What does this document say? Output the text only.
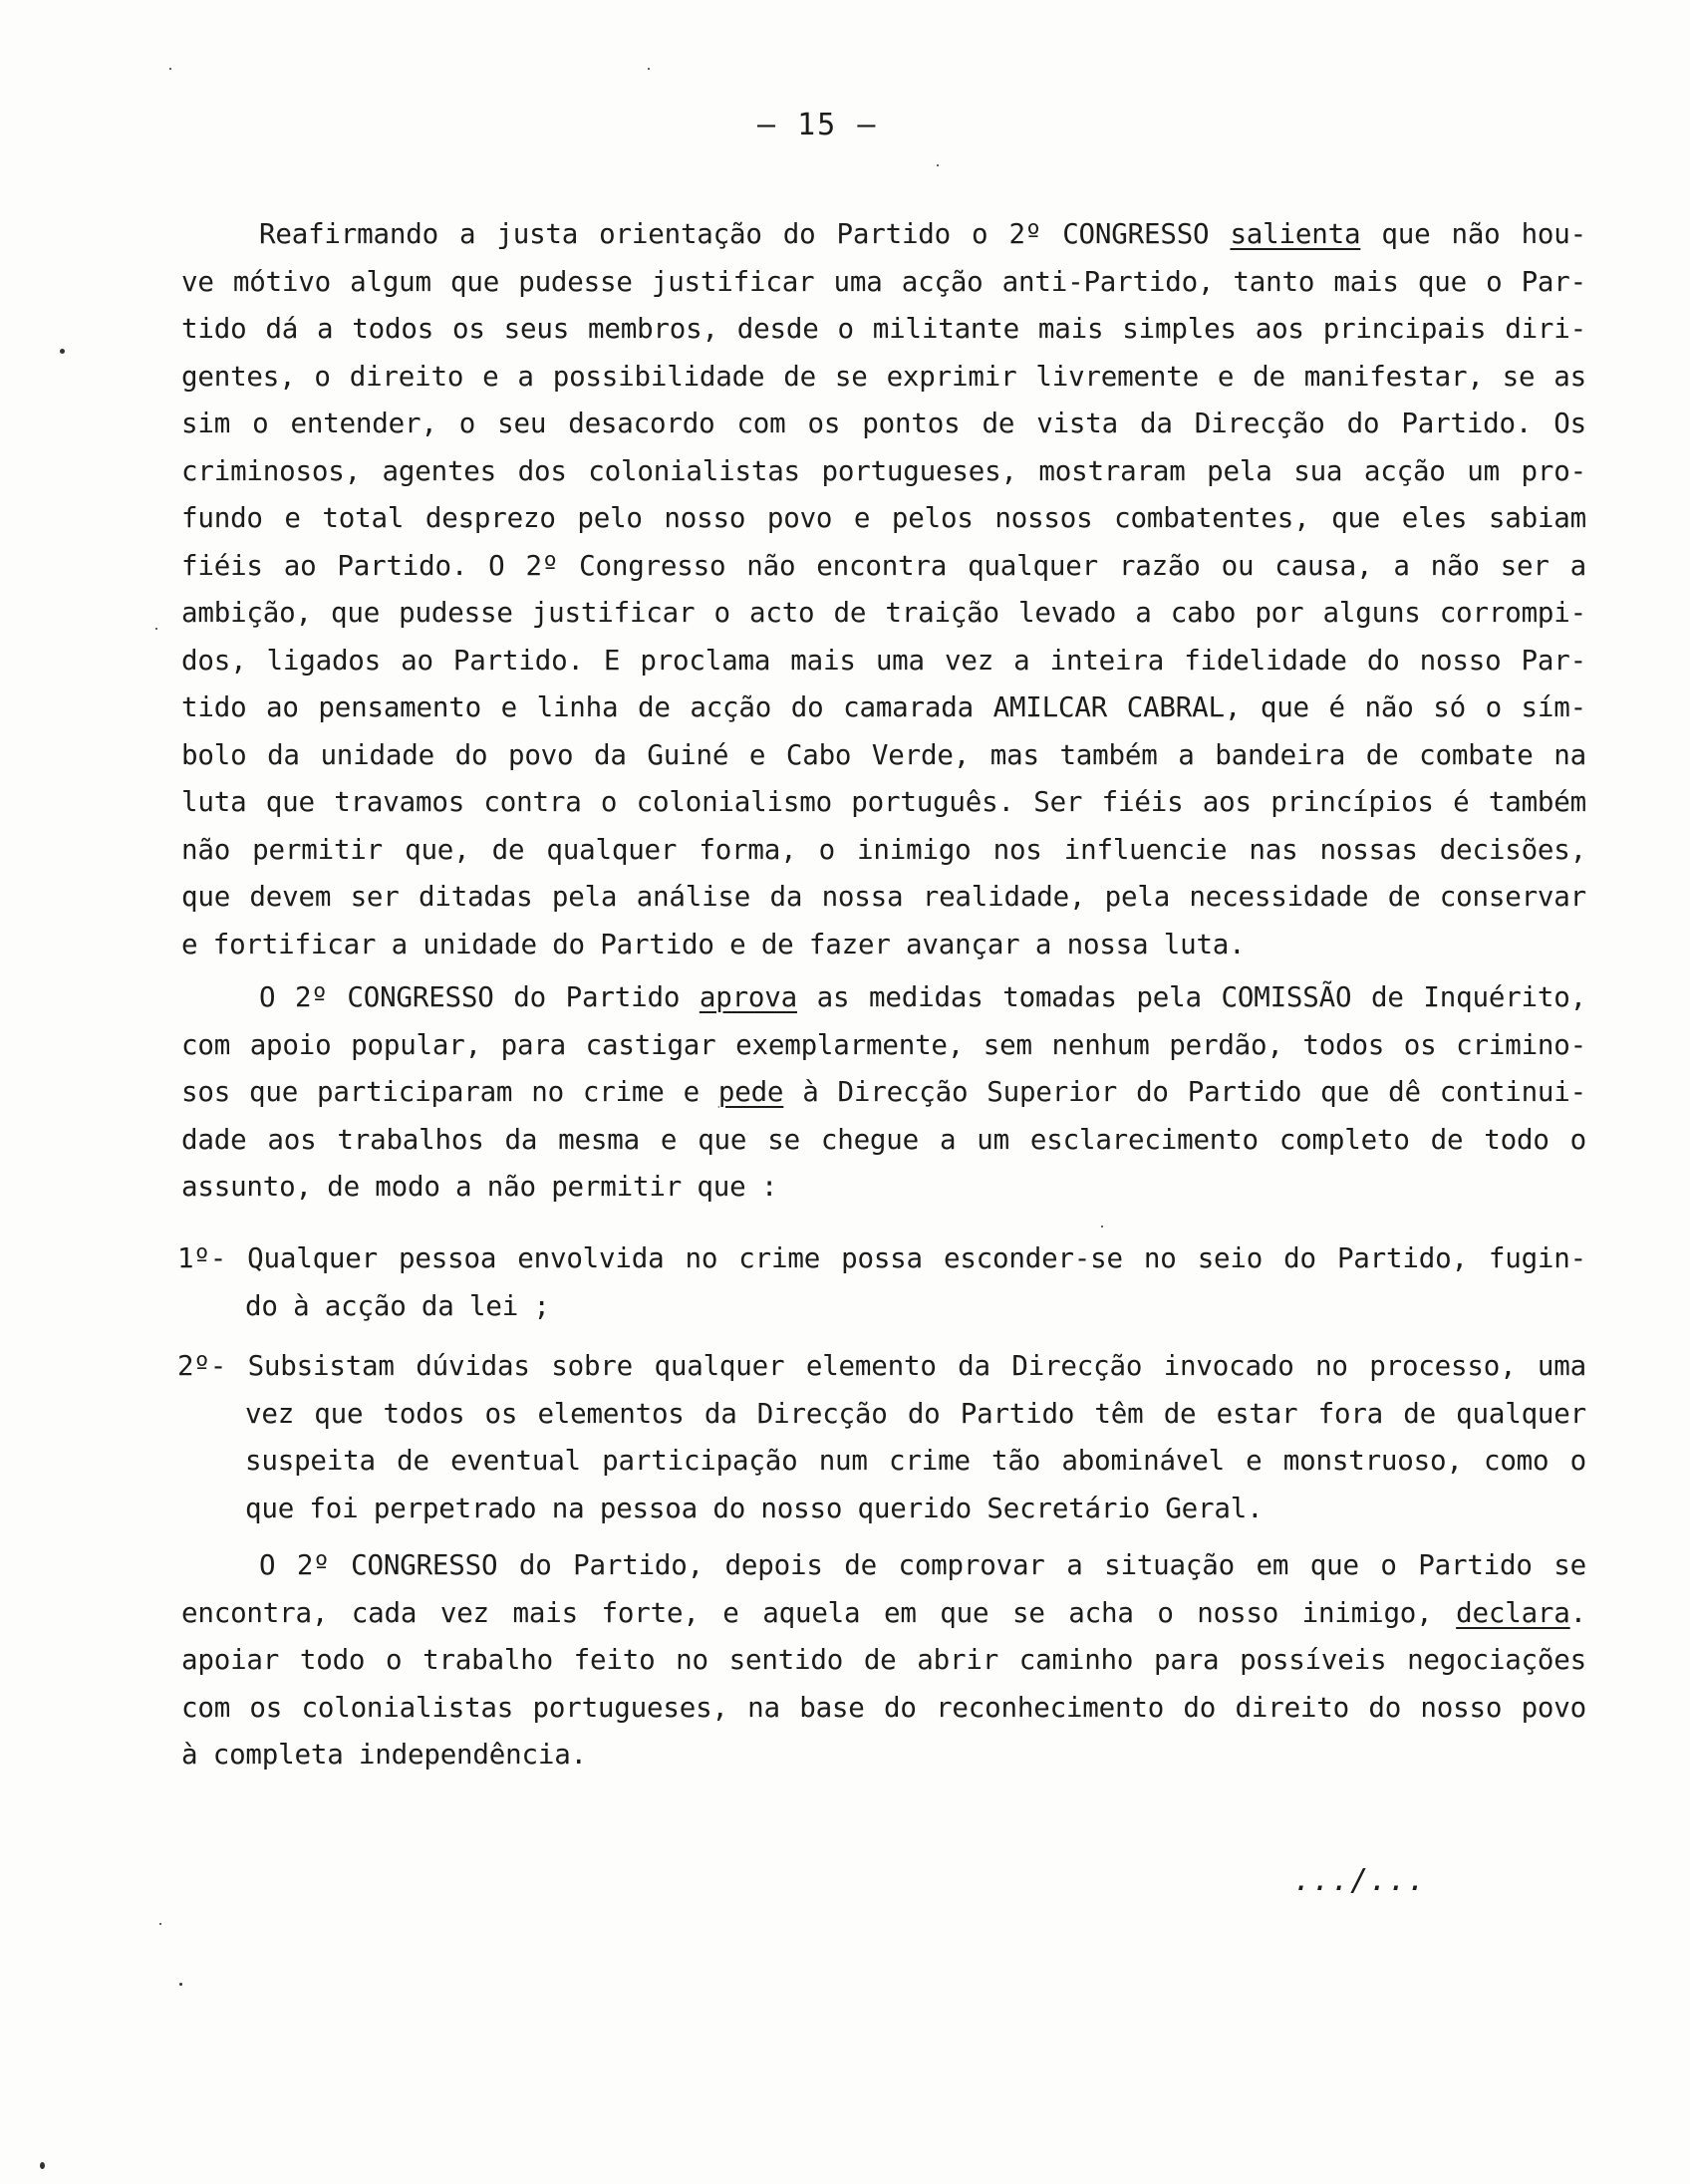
– 15 –
Reafirmando a justa orientação do Partido o 2º CONGRESSO salienta que não hou-
ve mótivo algum que pudesse justificar uma acção anti-Partido, tanto mais que o Par-
tido dá a todos os seus membros, desde o militante mais simples aos principais diri-
gentes, o direito e a possibilidade de se exprimir livremente e de manifestar, se as
sim o entender, o seu desacordo com os pontos de vista da Direcção do Partido. Os
criminosos, agentes dos colonialistas portugueses, mostraram pela sua acção um pro-
fundo e total desprezo pelo nosso povo e pelos nossos combatentes, que eles sabiam
fiéis ao Partido. O 2º Congresso não encontra qualquer razão ou causa, a não ser a
ambição, que pudesse justificar o acto de traição levado a cabo por alguns corrompi-
dos, ligados ao Partido. E proclama mais uma vez a inteira fidelidade do nosso Par-
tido ao pensamento e linha de acção do camarada AMILCAR CABRAL, que é não só o sím-
bolo da unidade do povo da Guiné e Cabo Verde, mas também a bandeira de combate na
luta que travamos contra o colonialismo português. Ser fiéis aos princípios é também
não permitir que, de qualquer forma, o inimigo nos influencie nas nossas decisões,
que devem ser ditadas pela análise da nossa realidade, pela necessidade de conservar
e fortificar a unidade do Partido e de fazer avançar a nossa luta.
O 2º CONGRESSO do Partido aprova as medidas tomadas pela COMISSÃO de Inquérito,
com apoio popular, para castigar exemplarmente, sem nenhum perdão, todos os crimino-
sos que participaram no crime e pede à Direcção Superior do Partido que dê continui-
dade aos trabalhos da mesma e que se chegue a um esclarecimento completo de todo o
assunto, de modo a não permitir que :
1º- Qualquer pessoa envolvida no crime possa esconder-se no seio do Partido, fugin-
do à acção da lei ;
2º- Subsistam dúvidas sobre qualquer elemento da Direcção invocado no processo, uma
vez que todos os elementos da Direcção do Partido têm de estar fora de qualquer
suspeita de eventual participação num crime tão abominável e monstruoso, como o
que foi perpetrado na pessoa do nosso querido Secretário Geral.
O 2º CONGRESSO do Partido, depois de comprovar a situação em que o Partido se
encontra, cada vez mais forte, e aquela em que se acha o nosso inimigo, declara.
apoiar todo o trabalho feito no sentido de abrir caminho para possíveis negociações
com os colonialistas portugueses, na base do reconhecimento do direito do nosso povo
à completa independência.
.../...
